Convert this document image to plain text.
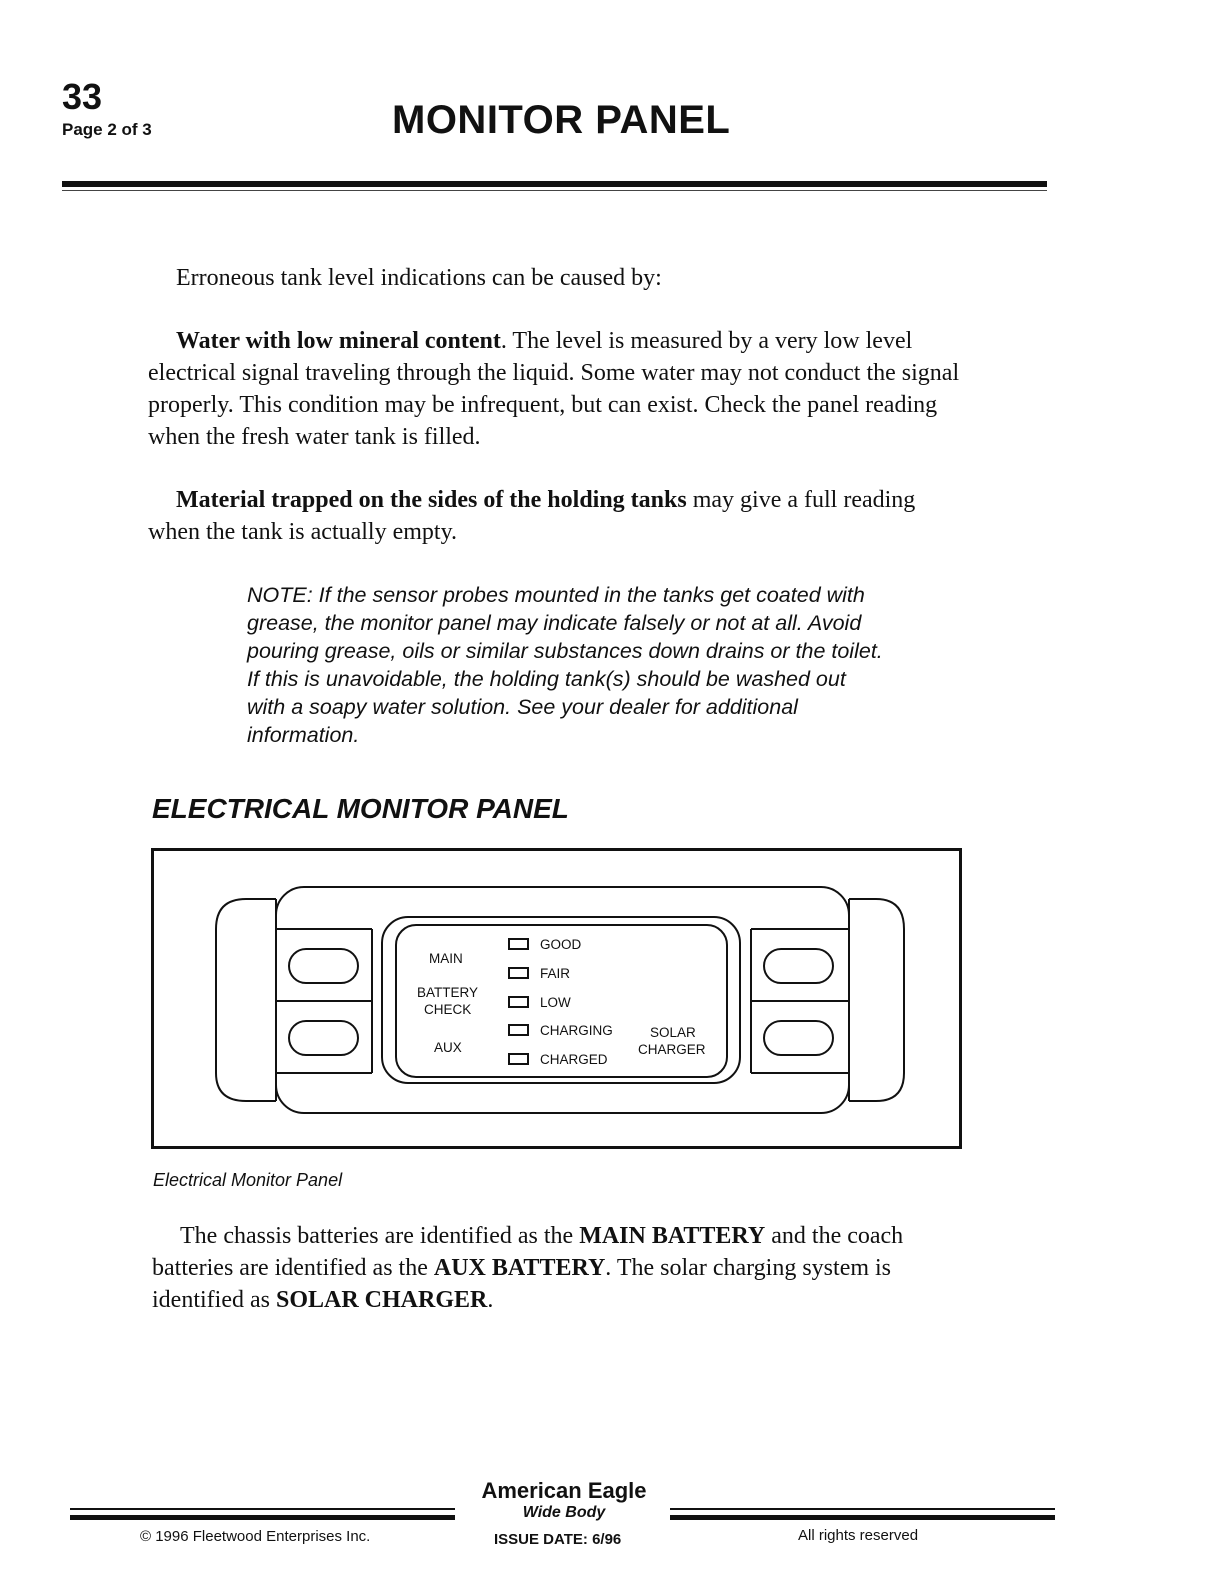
33
Page 2 of 3	MONITOR PANEL

Erroneous tank level indications can be caused by:

Water with low mineral content. The level is measured by a very low level electrical signal traveling through the liquid. Some water may not conduct the signal properly. This condition may be infrequent, but can exist. Check the panel reading when the fresh water tank is filled.

Material trapped on the sides of the holding tanks may give a full reading when the tank is actually empty.

NOTE: If the sensor probes mounted in the tanks get coated with grease, the monitor panel may indicate falsely or not at all. Avoid pouring grease, oils or similar substances down drains or the toilet. If this is unavoidable, the holding tank(s) should be washed out with a soapy water solution. See your dealer for additional information.

ELECTRICAL MONITOR PANEL
MAIN
BATTERY
CHECK
AUX
GOOD
FAIR
LOW
CHARGING
CHARGED
SOLAR
CHARGER
Electrical Monitor Panel

The chassis batteries are identified as the MAIN BATTERY and the coach batteries are identified as the AUX BATTERY. The solar charging system is identified as SOLAR CHARGER.

American Eagle
Wide Body
© 1996 Fleetwood Enterprises Inc.	ISSUE DATE: 6/96	All rights reserved
